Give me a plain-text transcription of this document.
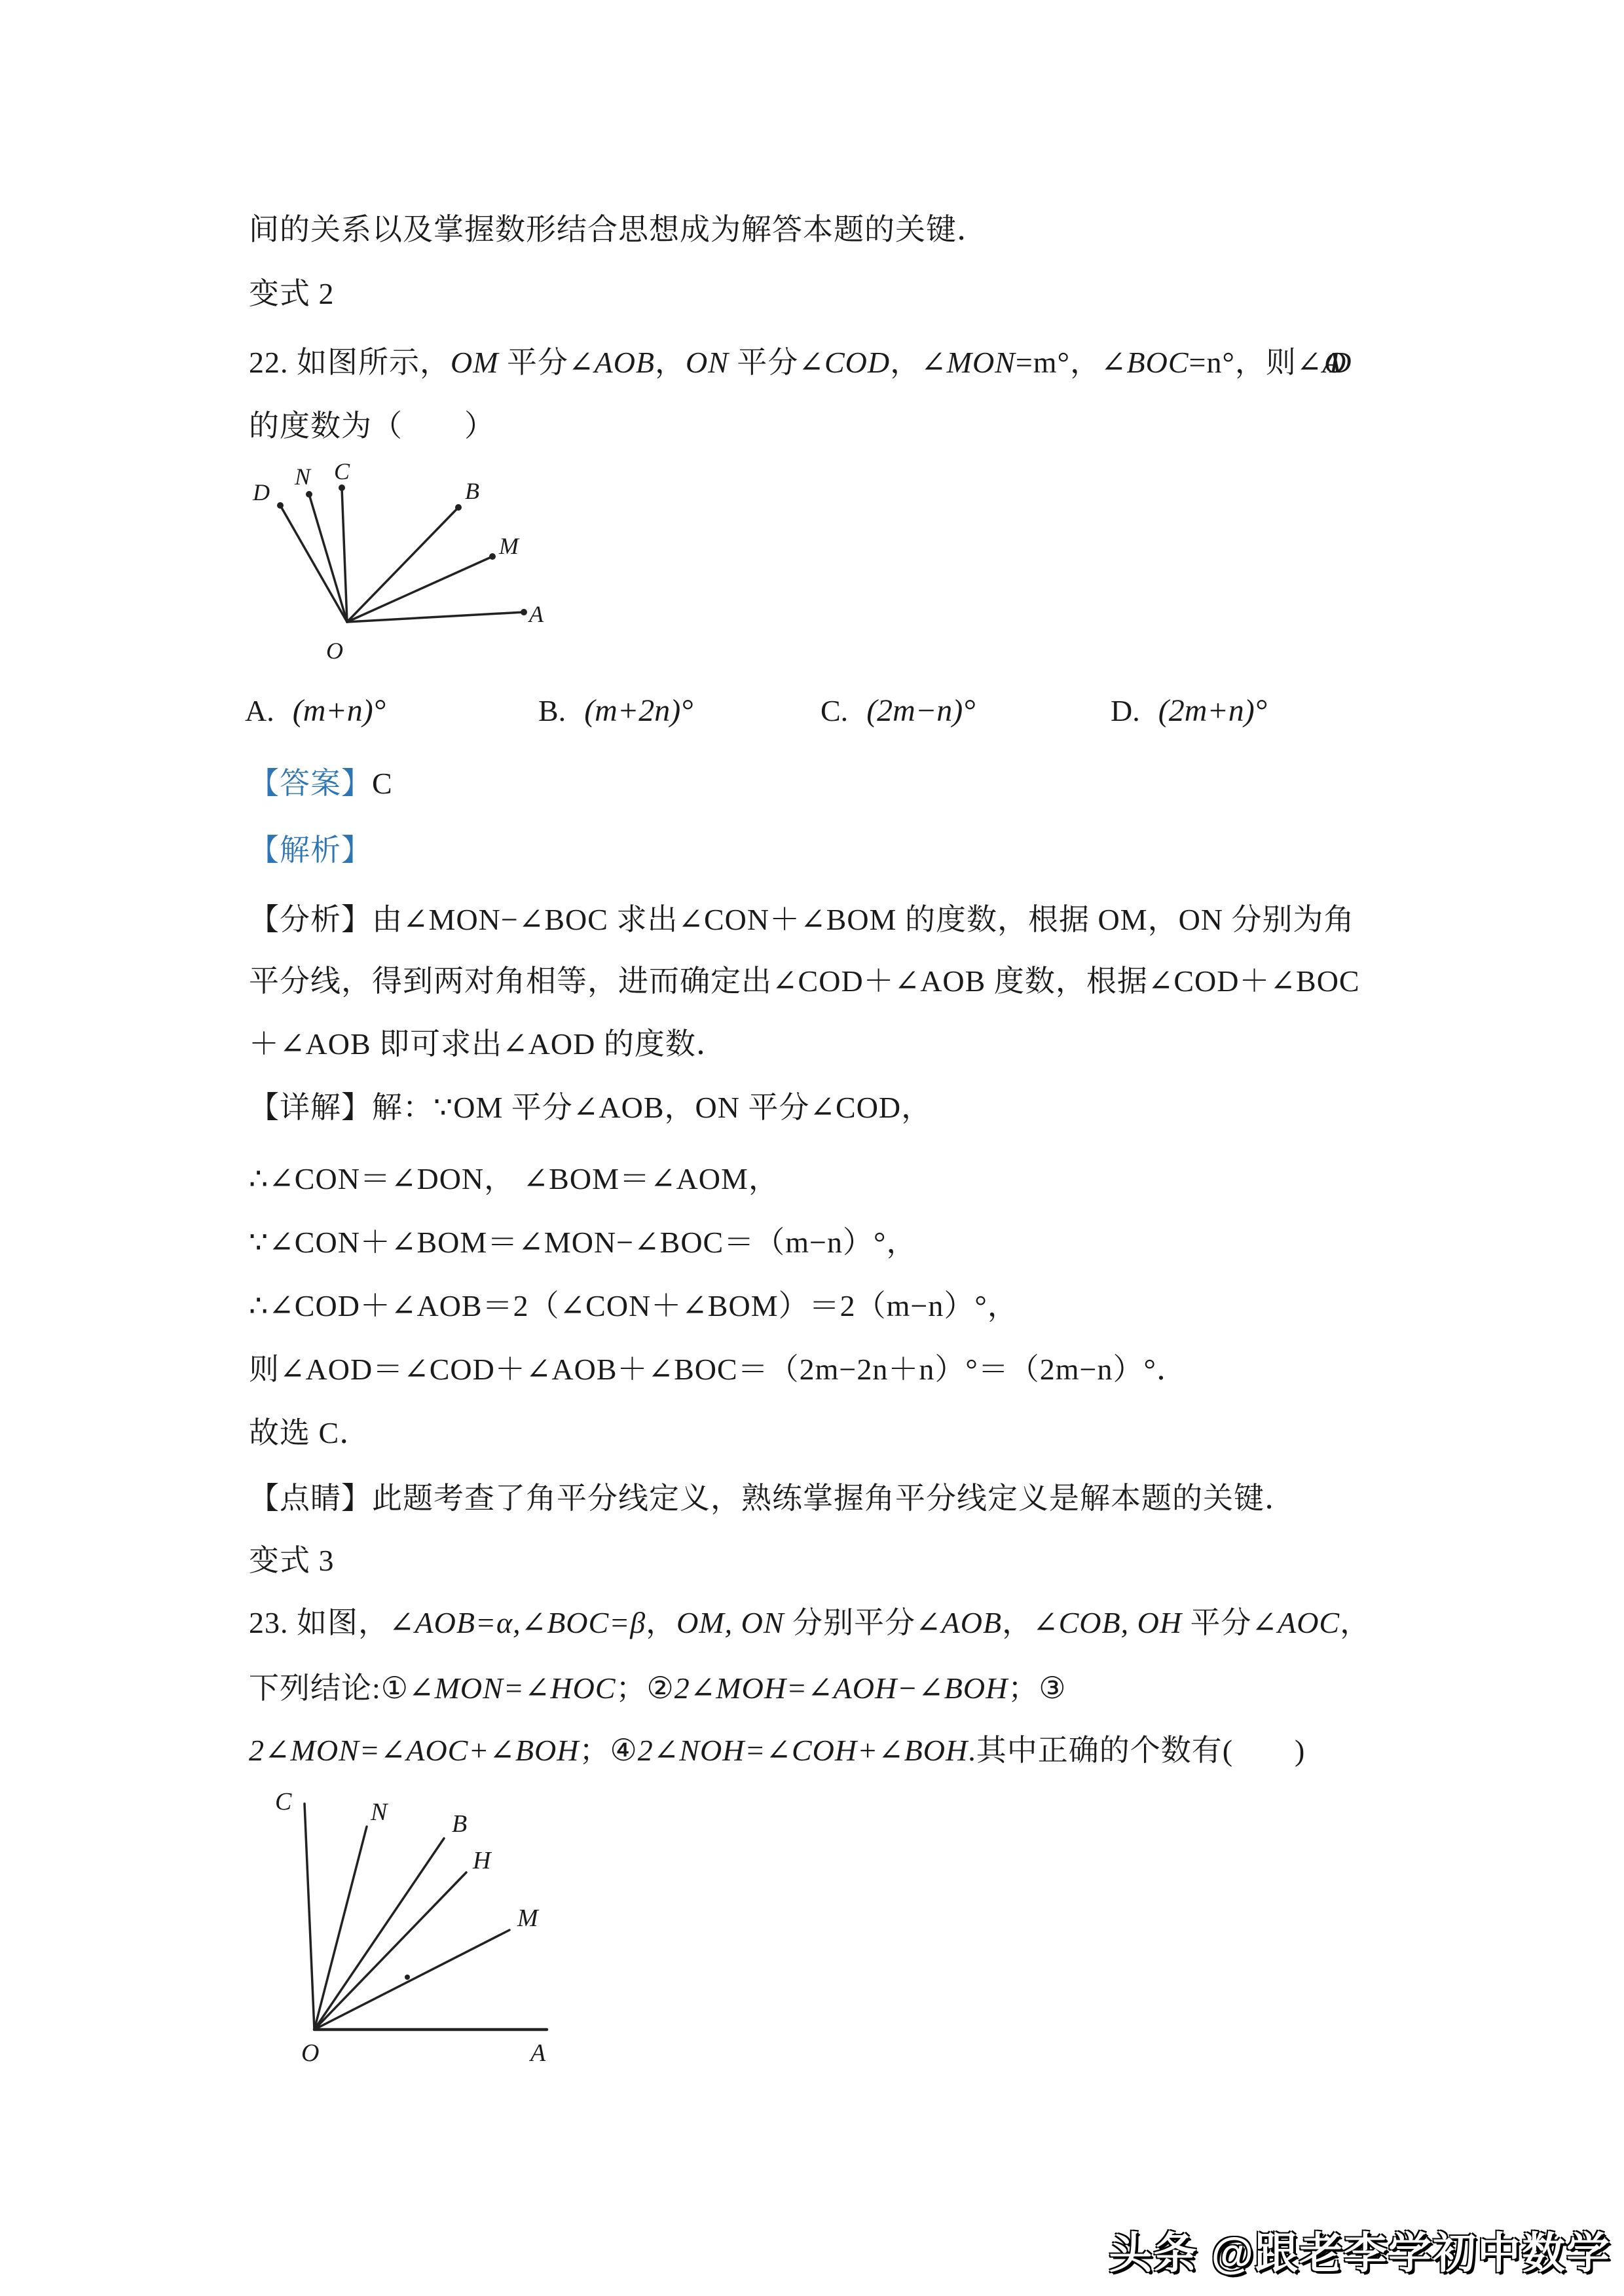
间的关系以及掌握数形结合思想成为解答本题的关键．
变式 2
22. 如图所示，OM 平分∠AOB，ON 平分∠COD，∠MON=m°，∠BOC=n°，则∠AOD
的度数为（　　）
D
N C
B
M
A
O
A. (m+n)°	B. (m+2n)°	C. (2m−n)°	D. (2m+n)°
【答案】C
【解析】
【分析】由∠MON−∠BOC 求出∠CON＋∠BOM 的度数，根据 OM，ON 分别为角
平分线，得到两对角相等，进而确定出∠COD＋∠AOB 度数，根据∠COD＋∠BOC
＋∠AOB 即可求出∠AOD 的度数．
【详解】解：∵OM 平分∠AOB，ON 平分∠COD，
∴∠CON＝∠DON， ∠BOM＝∠AOM，
∵∠CON＋∠BOM＝∠MON−∠BOC＝（m−n）°，
∴∠COD＋∠AOB＝2（∠CON＋∠BOM）＝2（m−n）°，
则∠AOD＝∠COD＋∠AOB＋∠BOC＝（2m−2n＋n）°＝（2m−n）°．
故选 C．
【点睛】此题考查了角平分线定义，熟练掌握角平分线定义是解本题的关键．
变式 3
23. 如图，∠AOB=α,∠BOC=β，OM, ON 分别平分∠AOB，∠COB, OH 平分∠AOC，
下列结论:①∠MON=∠HOC；②2∠MOH=∠AOH−∠BOH；③
2∠MON=∠AOC+∠BOH；④2∠NOH=∠COH+∠BOH.其中正确的个数有(　　)
C	N	B
H
M
O	A
头条 @跟老李学初中数学
